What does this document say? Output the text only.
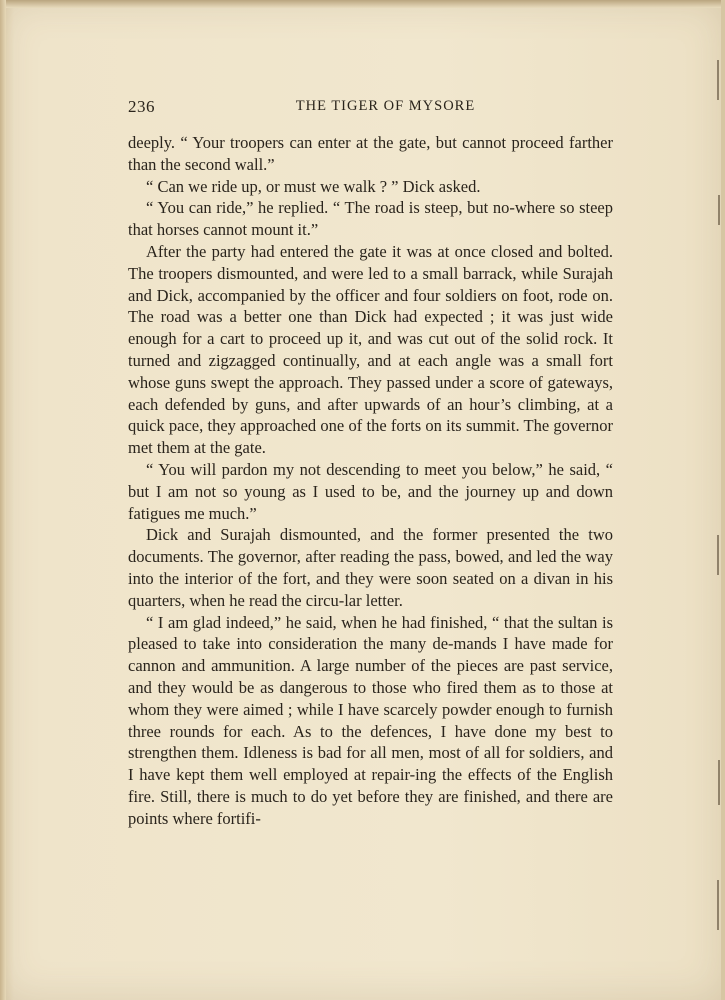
236	THE TIGER OF MYSORE

deeply. “ Your troopers can enter at the gate, but cannot proceed farther than the second wall.”

“ Can we ride up, or must we walk ? ” Dick asked.

“ You can ride,” he replied. “ The road is steep, but no-where so steep that horses cannot mount it.”

After the party had entered the gate it was at once closed and bolted. The troopers dismounted, and were led to a small barrack, while Surajah and Dick, accompanied by the officer and four soldiers on foot, rode on. The road was a better one than Dick had expected ; it was just wide enough for a cart to proceed up it, and was cut out of the solid rock. It turned and zigzagged continually, and at each angle was a small fort whose guns swept the approach. They passed under a score of gateways, each defended by guns, and after upwards of an hour’s climbing, at a quick pace, they approached one of the forts on its summit. The governor met them at the gate.

“ You will pardon my not descending to meet you below,” he said, “ but I am not so young as I used to be, and the journey up and down fatigues me much.”

Dick and Surajah dismounted, and the former presented the two documents. The governor, after reading the pass, bowed, and led the way into the interior of the fort, and they were soon seated on a divan in his quarters, when he read the circu-lar letter.

“ I am glad indeed,” he said, when he had finished, “ that the sultan is pleased to take into consideration the many de-mands I have made for cannon and ammunition. A large number of the pieces are past service, and they would be as dangerous to those who fired them as to those at whom they were aimed ; while I have scarcely powder enough to furnish three rounds for each. As to the defences, I have done my best to strengthen them. Idleness is bad for all men, most of all for soldiers, and I have kept them well employed at repair-ing the effects of the English fire. Still, there is much to do yet before they are finished, and there are points where fortifi-
